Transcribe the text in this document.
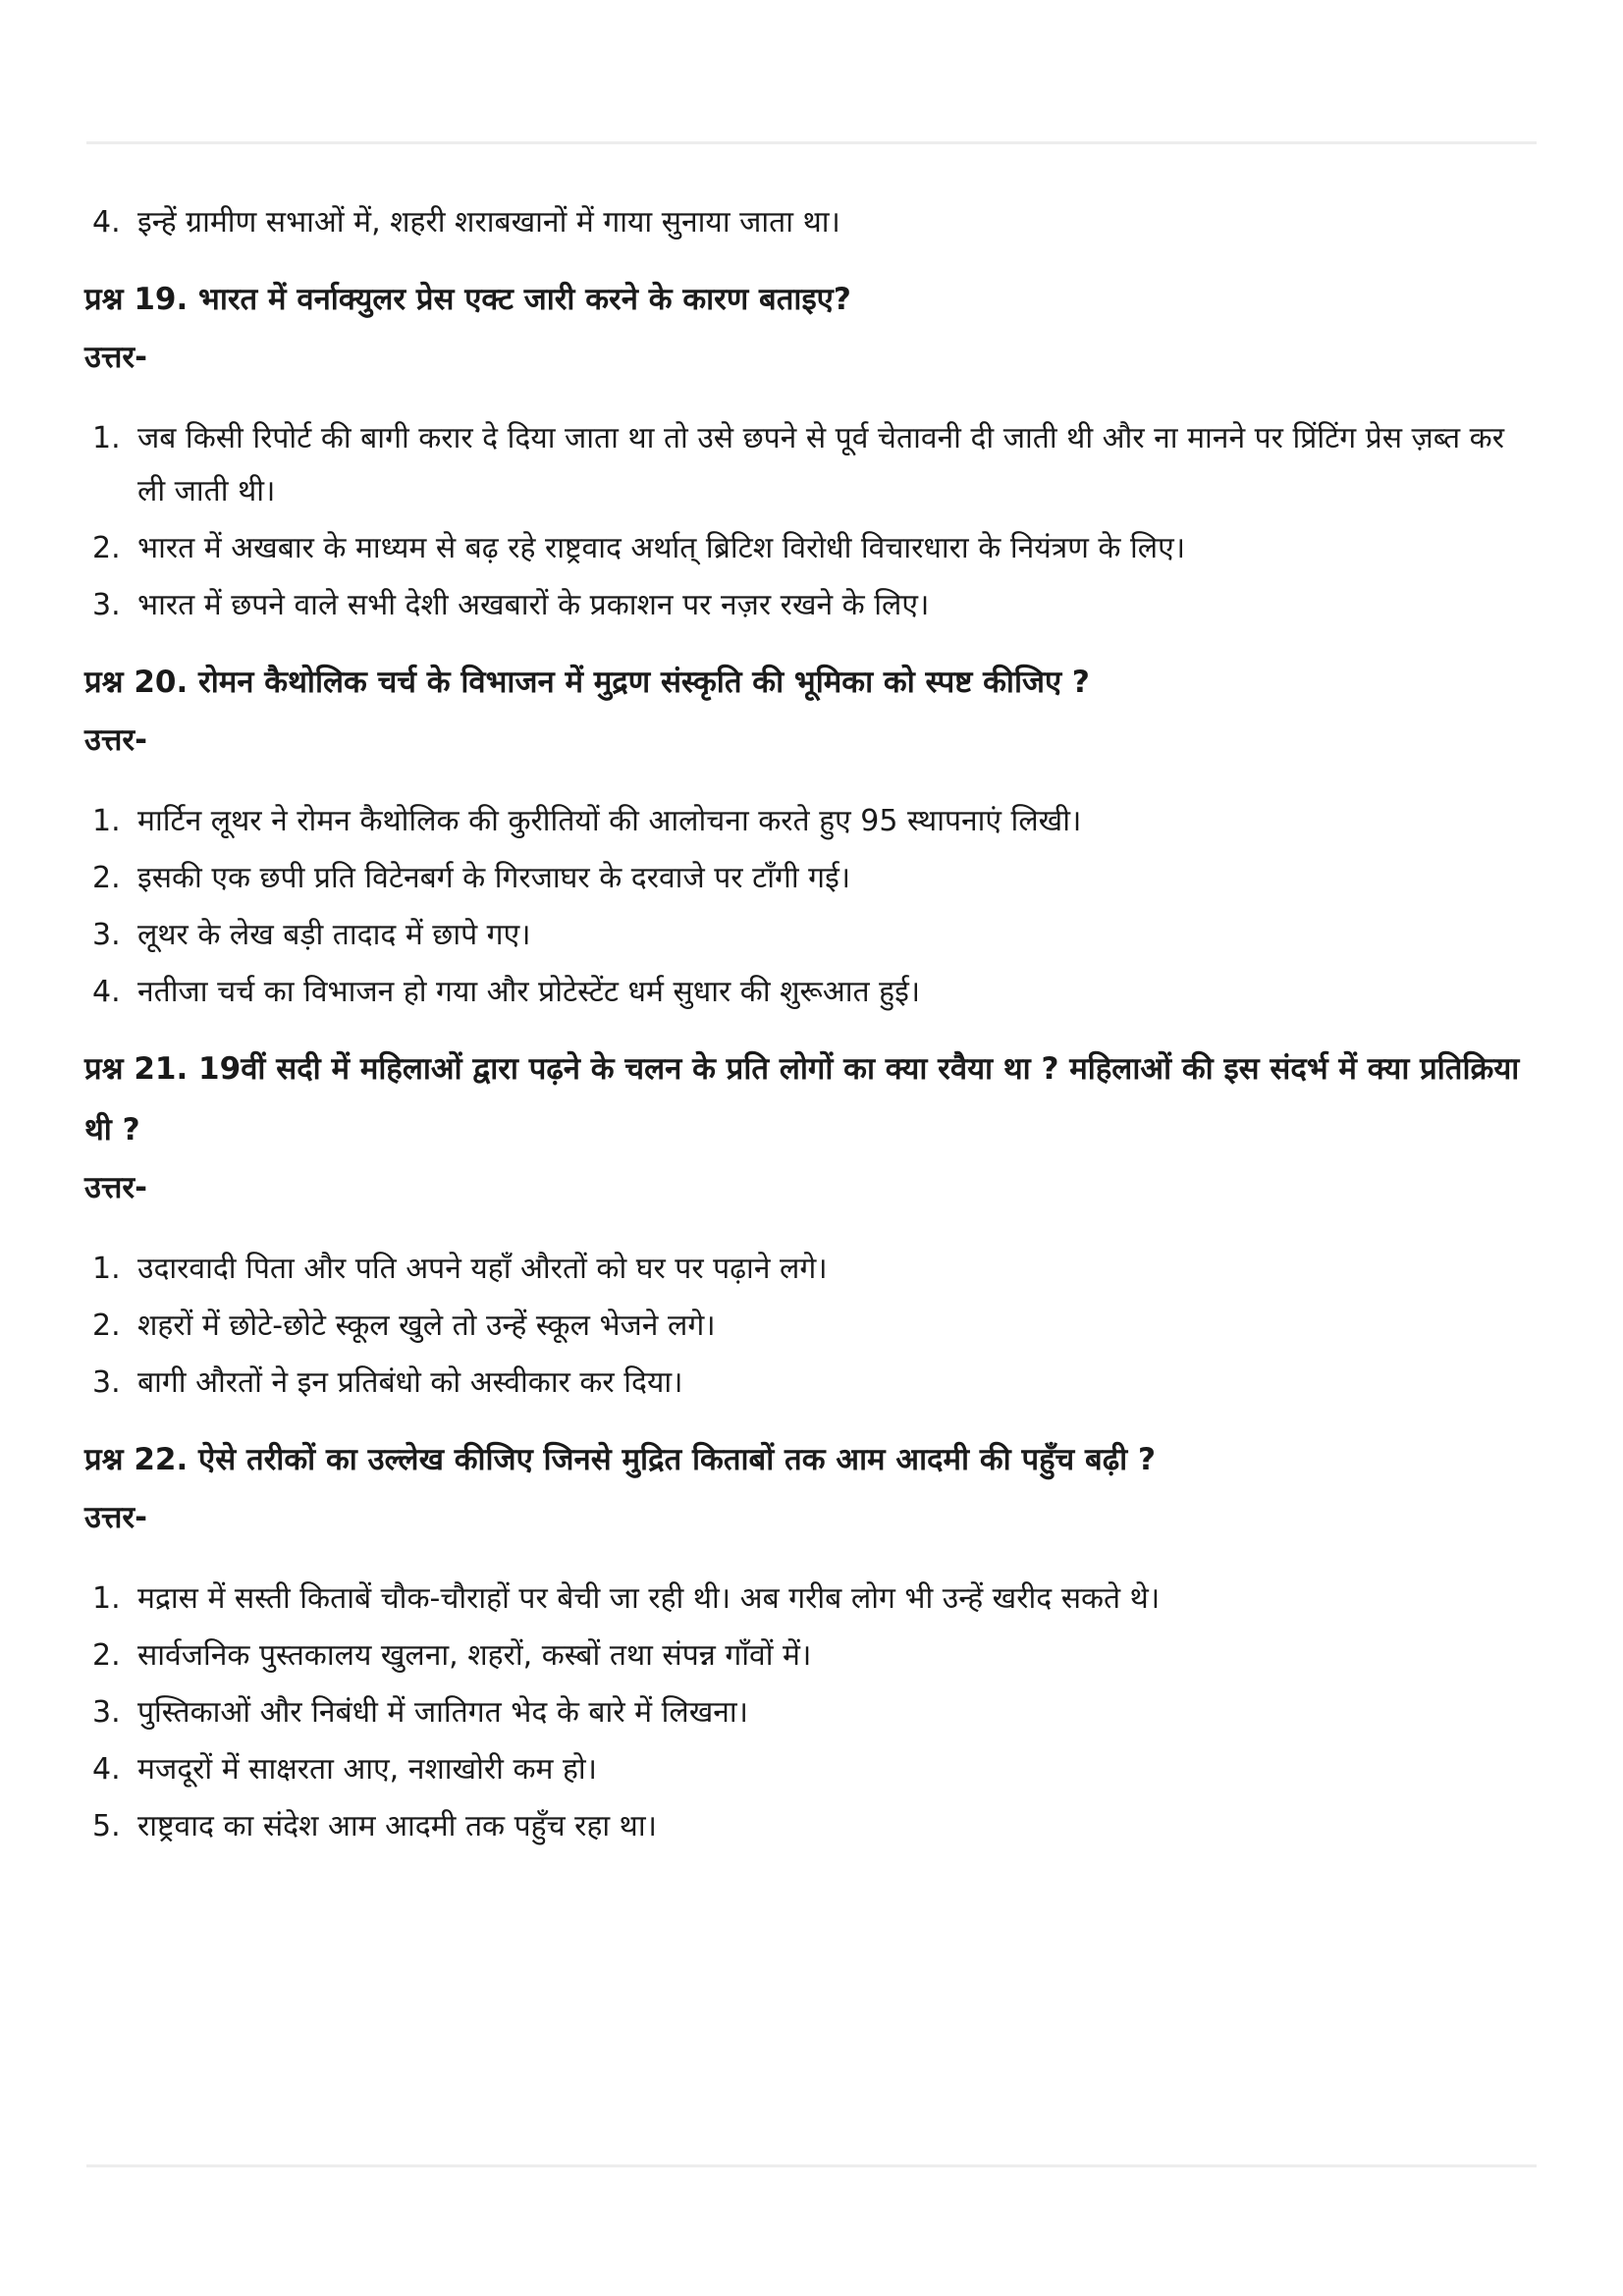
4. इन्हें ग्रामीण सभाओं में, शहरी शराबखानों में गाया सुनाया जाता था।

प्रश्न 19. भारत में वर्नाक्युलर प्रेस एक्ट जारी करने के कारण बताइए?

उत्तर-

1. जब किसी रिपोर्ट की बागी करार दे दिया जाता था तो उसे छपने से पूर्व चेतावनी दी जाती थी और ना मानने पर प्रिंटिंग प्रेस ज़ब्त कर ली जाती थी।
2. भारत में अखबार के माध्यम से बढ़ रहे राष्ट्रवाद अर्थात् ब्रिटिश विरोधी विचारधारा के नियंत्रण के लिए।
3. भारत में छपने वाले सभी देशी अखबारों के प्रकाशन पर नज़र रखने के लिए।

प्रश्न 20. रोमन कैथोलिक चर्च के विभाजन में मुद्रण संस्कृति की भूमिका को स्पष्ट कीजिए ?

उत्तर-

1. मार्टिन लूथर ने रोमन कैथोलिक की कुरीतियों की आलोचना करते हुए 95 स्थापनाएं लिखी।
2. इसकी एक छपी प्रति विटेनबर्ग के गिरजाघर के दरवाजे पर टाँगी गई।
3. लूथर के लेख बड़ी तादाद में छापे गए।
4. नतीजा चर्च का विभाजन हो गया और प्रोटेस्टेंट धर्म सुधार की शुरूआत हुई।

प्रश्न 21. 19वीं सदी में महिलाओं द्वारा पढ़ने के चलन के प्रति लोगों का क्या रवैया था ? महिलाओं की इस संदर्भ में क्या प्रतिक्रिया थी ?

उत्तर-

1. उदारवादी पिता और पति अपने यहाँ औरतों को घर पर पढ़ाने लगे।
2. शहरों में छोटे-छोटे स्कूल खुले तो उन्हें स्कूल भेजने लगे।
3. बागी औरतों ने इन प्रतिबंधो को अस्वीकार कर दिया।

प्रश्न 22. ऐसे तरीकों का उल्लेख कीजिए जिनसे मुद्रित किताबों तक आम आदमी की पहुँच बढ़ी ?

उत्तर-

1. मद्रास में सस्ती किताबें चौक-चौराहों पर बेची जा रही थी। अब गरीब लोग भी उन्हें खरीद सकते थे।
2. सार्वजनिक पुस्तकालय खुलना, शहरों, कस्बों तथा संपन्न गाँवों में।
3. पुस्तिकाओं और निबंधी में जातिगत भेद के बारे में लिखना।
4. मजदूरों में साक्षरता आए, नशाखोरी कम हो।
5. राष्ट्रवाद का संदेश आम आदमी तक पहुँच रहा था।
